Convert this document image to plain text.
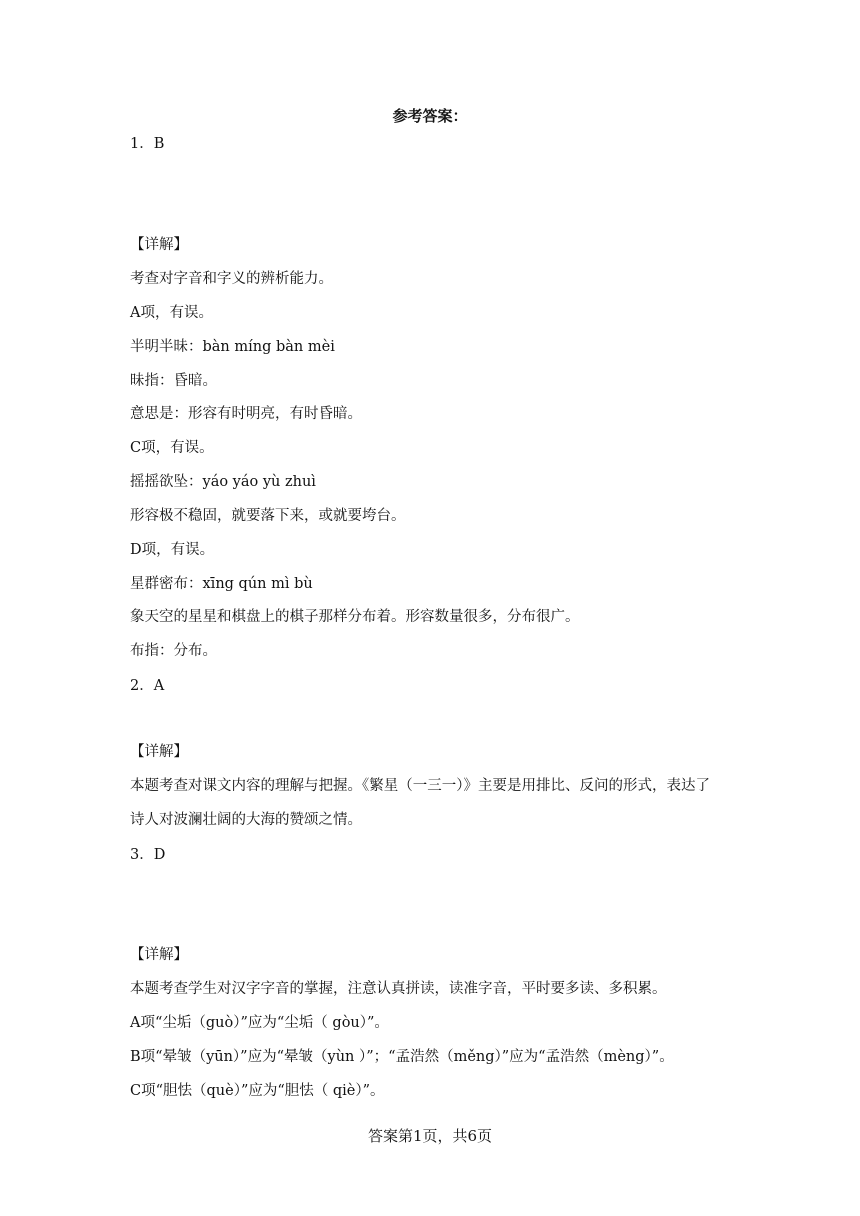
参考答案：
1．B
【详解】
考查对字音和字义的辨析能力。
A项，有误。
半明半昧：bàn míng bàn mèi
昧指：昏暗。
意思是：形容有时明亮，有时昏暗。
C项，有误。
摇摇欲坠：yáo yáo yù zhuì
形容极不稳固，就要落下来，或就要垮台。
D项，有误。
星群密布：xīng qún mì bù
象天空的星星和棋盘上的棋子那样分布着。形容数量很多，分布很广。
布指：分布。
2．A
【详解】
本题考查对课文内容的理解与把握。《繁星（一三一）》主要是用排比、反问的形式，表达了
诗人对波澜壮阔的大海的赞颂之情。
3．D
【详解】
本题考查学生对汉字字音的掌握，注意认真拼读，读准字音，平时要多读、多积累。
A项“尘垢（guò）”应为“尘垢（ gòu）”。
B项“晕皱（yūn）”应为“晕皱（yùn ）”；“孟浩然（měng）”应为“孟浩然（mèng）”。
C项“胆怯（què）”应为“胆怯（ qiè）”。
答案第1页，共6页
